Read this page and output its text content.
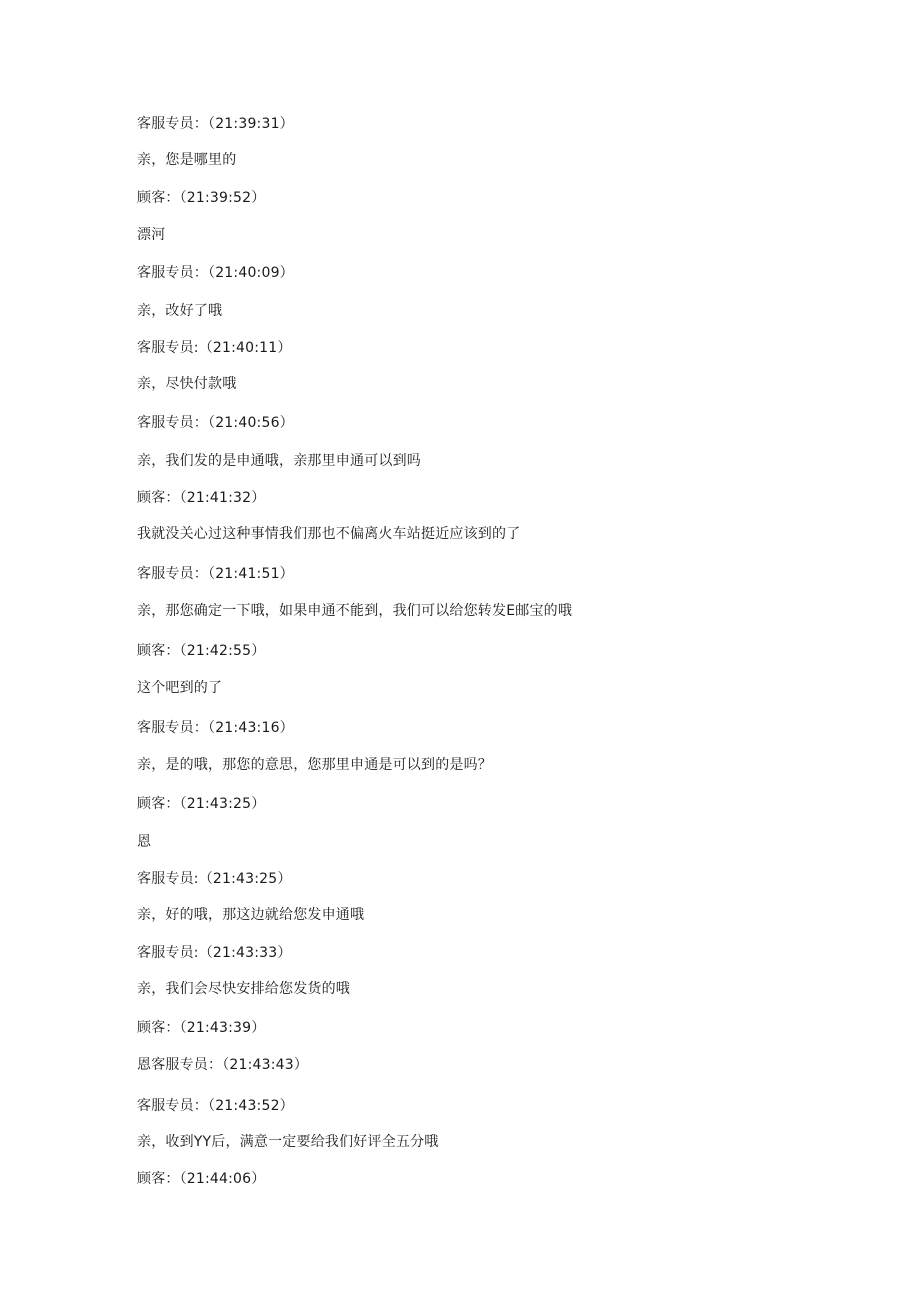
客服专员：（21:39:31）
亲，您是哪里的
顾客：（21:39:52）
漂河
客服专员：（21:40:09）
亲，改好了哦
客服专员:（21:40:11）
亲，尽快付款哦
客服专员：（21:40:56）
亲，我们发的是申通哦，亲那里申通可以到吗
顾客：（21:41:32）
我就没关心过这种事情我们那也不偏离火车站挺近应该到的了
客服专员：（21:41:51）
亲，那您确定一下哦，如果申通不能到，我们可以给您转发E邮宝的哦
顾客：（21:42:55）
这个吧到的了
客服专员：（21:43:16）
亲，是的哦，那您的意思，您那里申通是可以到的是吗？
顾客：（21:43:25）
恩
客服专员:（21:43:25）
亲，好的哦，那这边就给您发申通哦
客服专员:（21:43:33）
亲，我们会尽快安排给您发货的哦
顾客：（21:43:39）
恩客服专员：（21:43:43）
客服专员：（21:43:52）
亲，收到YY后，满意一定要给我们好评全五分哦
顾客：（21:44:06）
